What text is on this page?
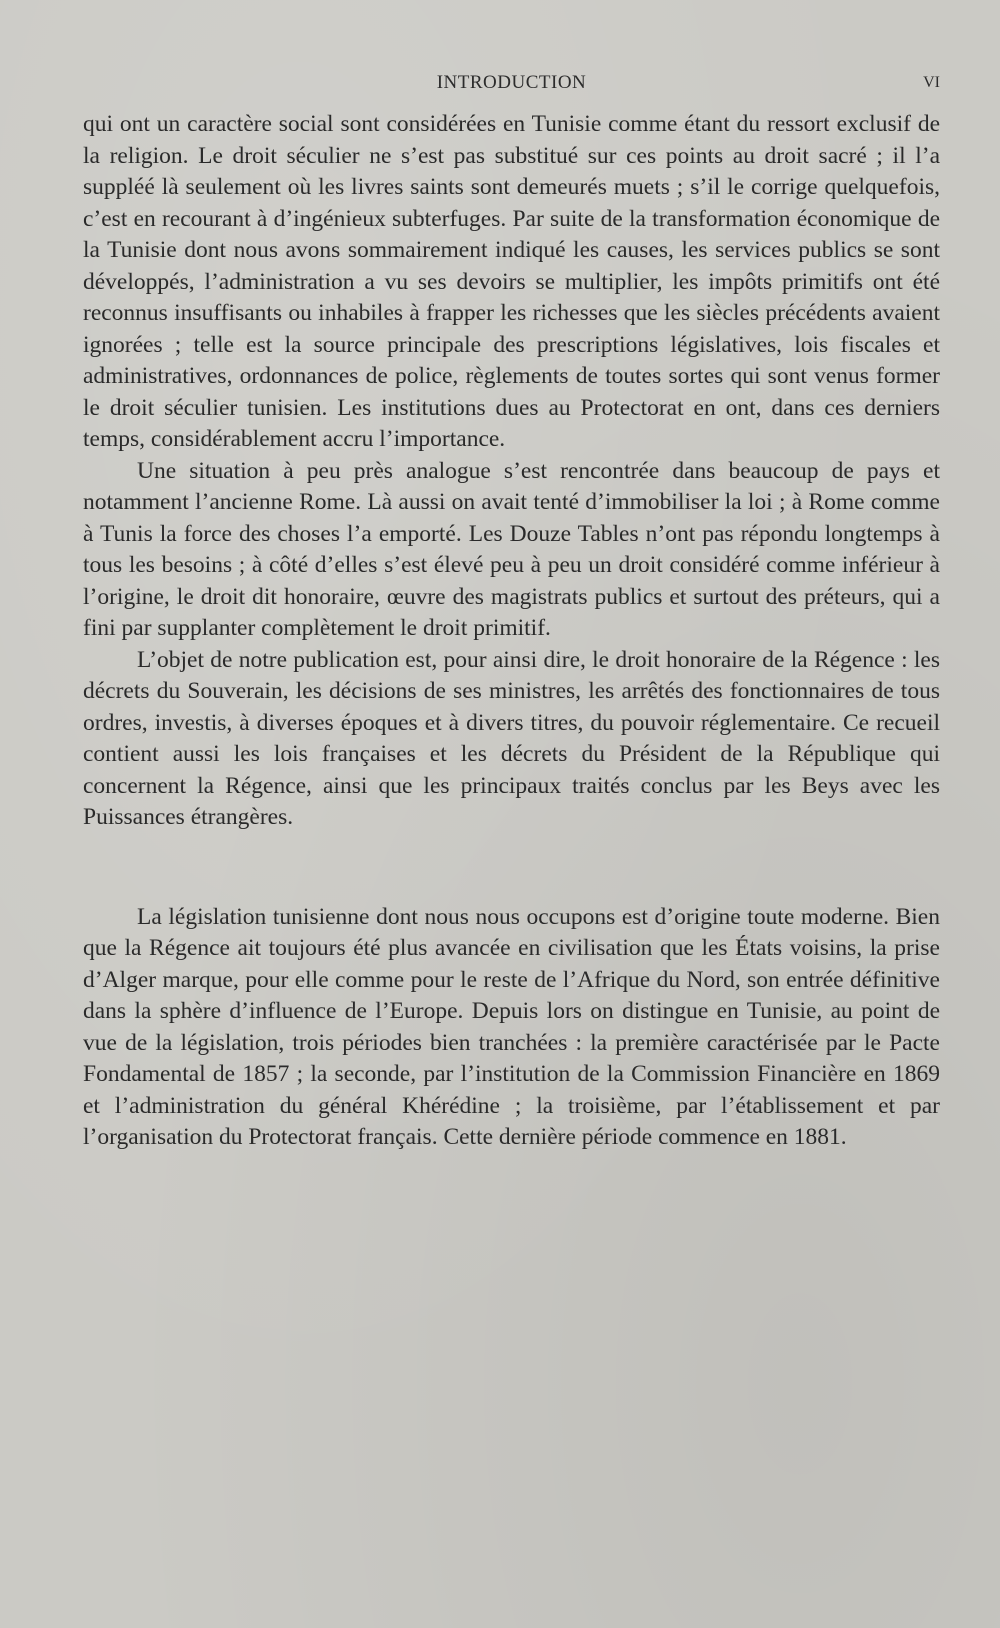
INTRODUCTION	VI

qui ont un caractère social sont considérées en Tunisie comme étant du ressort exclusif de la religion. Le droit séculier ne s’est pas substitué sur ces points au droit sacré ; il l’a suppléé là seulement où les livres saints sont demeurés muets ; s’il le corrige quelquefois, c’est en recourant à d’ingénieux subterfuges. Par suite de la transformation économique de la Tunisie dont nous avons sommairement indiqué les causes, les services publics se sont développés, l’administration a vu ses devoirs se multiplier, les impôts primitifs ont été reconnus insuffisants ou inhabiles à frapper les richesses que les siècles précédents avaient ignorées ; telle est la source principale des prescriptions législatives, lois fiscales et administratives, ordonnances de police, règlements de toutes sortes qui sont venus former le droit séculier tunisien. Les institutions dues au Protectorat en ont, dans ces derniers temps, considérablement accru l’importance.

Une situation à peu près analogue s’est rencontrée dans beaucoup de pays et notamment l’ancienne Rome. Là aussi on avait tenté d’immobiliser la loi ; à Rome comme à Tunis la force des choses l’a emporté. Les Douze Tables n’ont pas répondu longtemps à tous les besoins ; à côté d’elles s’est élevé peu à peu un droit considéré comme inférieur à l’origine, le droit dit honoraire, œuvre des magistrats publics et surtout des préteurs, qui a fini par supplanter complètement le droit primitif.

L’objet de notre publication est, pour ainsi dire, le droit honoraire de la Régence : les décrets du Souverain, les décisions de ses ministres, les arrêtés des fonctionnaires de tous ordres, investis, à diverses époques et à divers titres, du pouvoir réglementaire. Ce recueil contient aussi les lois françaises et les décrets du Président de la République qui concernent la Régence, ainsi que les principaux traités conclus par les Beys avec les Puissances étrangères.

La législation tunisienne dont nous nous occupons est d’origine toute moderne. Bien que la Régence ait toujours été plus avancée en civilisation que les États voisins, la prise d’Alger marque, pour elle comme pour le reste de l’Afrique du Nord, son entrée définitive dans la sphère d’influence de l’Europe. Depuis lors on distingue en Tunisie, au point de vue de la législation, trois périodes bien tranchées : la première caractérisée par le Pacte Fondamental de 1857 ; la seconde, par l’institution de la Commission Financière en 1869 et l’administration du général Khérédine ; la troisième, par l’établissement et par l’organisation du Protectorat français. Cette dernière période commence en 1881.
